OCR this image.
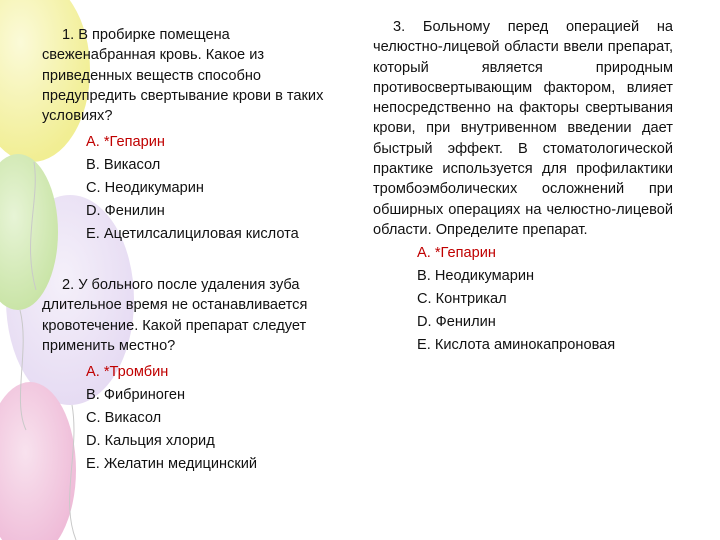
1. В пробирке помещена свеженабранная кровь. Какое из приведенных веществ способно предупредить свертывание крови в таких условиях?

А. *Гепарин
В. Викасол
С. Неодикумарин
D. Фенилин
Е. Ацетилсалициловая кислота

2. У больного после удаления зуба длительное время не останавливается кровотечение. Какой препарат следует применить местно?

А. *Тромбин
В. Фибриноген
С. Викасол
D. Кальция хлорид
Е. Желатин медицинский

3. Больному перед операцией на челюстно-лицевой области ввели препарат, который является природным противосвертывающим фактором, влияет непосредственно на факторы свертывания крови, при внутривенном введении дает быстрый эффект. В стоматологической практике используется для профилактики тромбоэмболических осложнений при обширных операциях на челюстно-лицевой области. Определите препарат.

А. *Гепарин
В. Неодикумарин
С. Контрикал
D. Фенилин
Е. Кислота аминокапроновая
